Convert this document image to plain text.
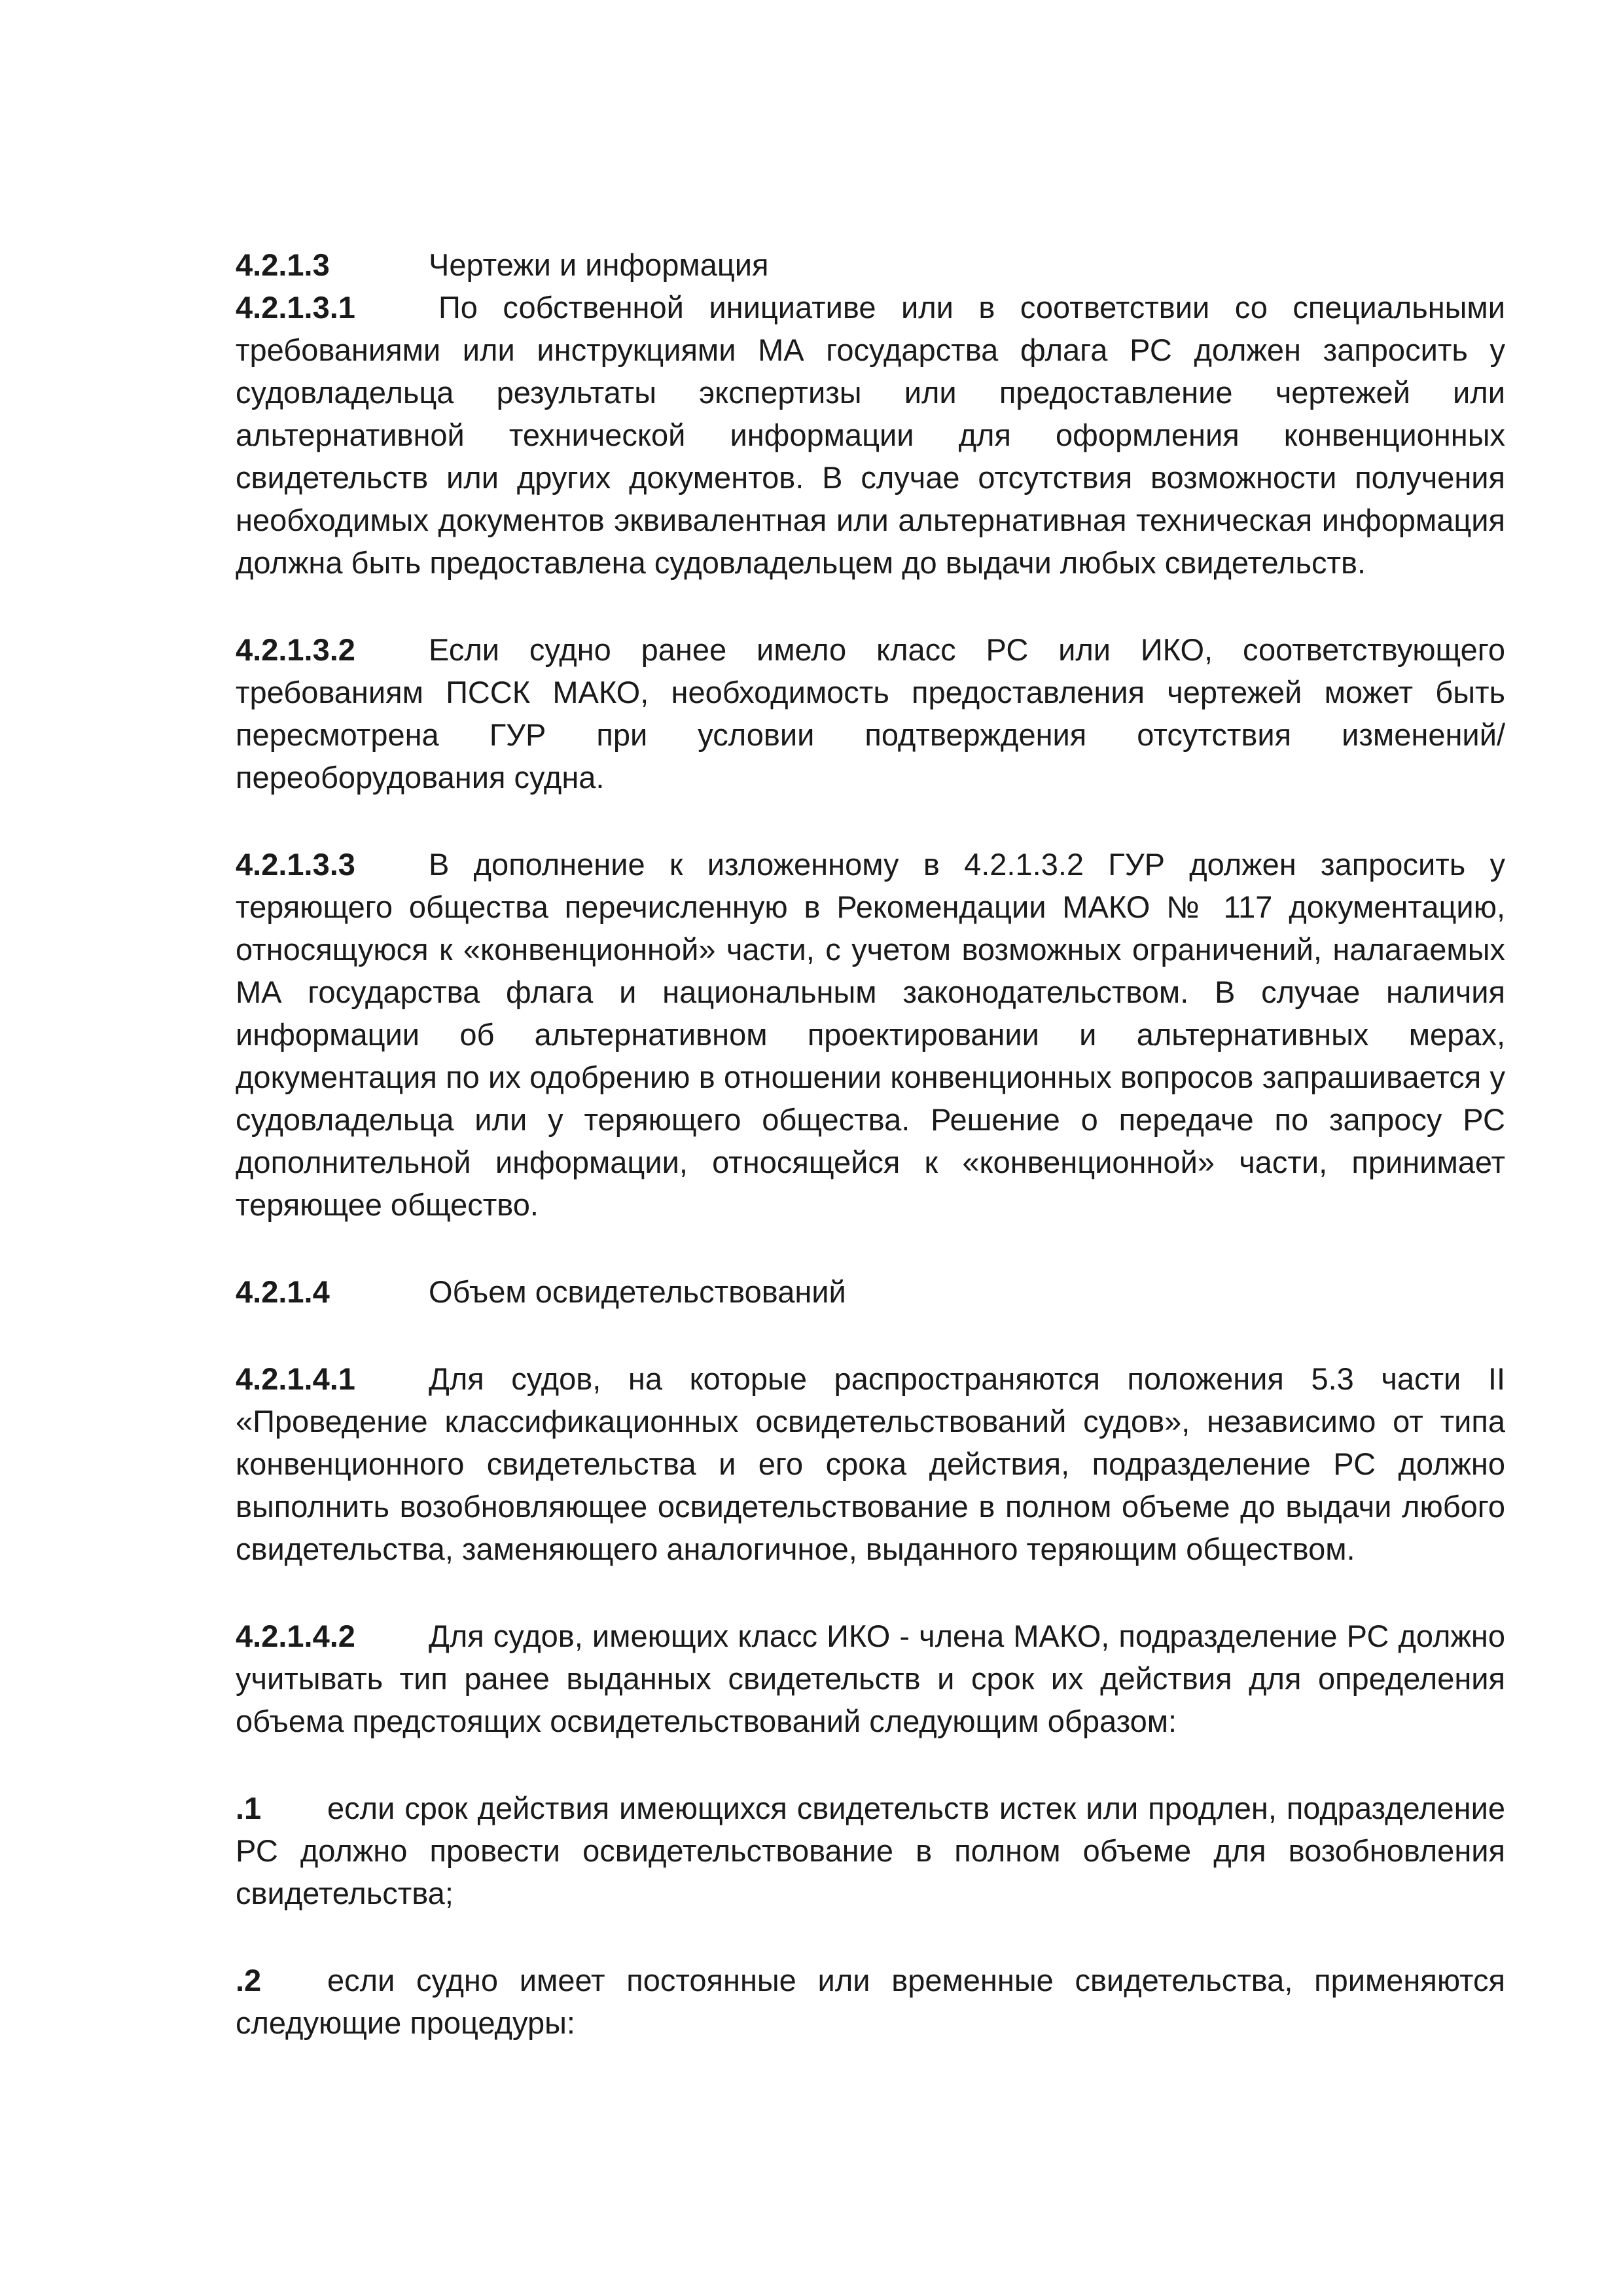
4.2.1.3	Чертежи и информация

4.2.1.3.1	По собственной инициативе или в соответствии со специальными требованиями или инструкциями МА государства флага РС должен запросить у судовладельца результаты экспертизы или предоставление чертежей или альтернативной технической информации для оформления конвенционных свидетельств или других документов. В случае отсутствия возможности получения необходимых документов эквивалентная или альтернативная техническая информация должна быть предоставлена судовладельцем до выдачи любых свидетельств.

4.2.1.3.2 Если судно ранее имело класс РС или ИКО, соответствующего требованиям ПССК МАКО, необходимость предоставления чертежей может быть пересмотрена ГУР при условии подтверждения отсутствия изменений/переоборудования судна.

4.2.1.3.3 В дополнение к изложенному в 4.2.1.3.2 ГУР должен запросить у теряющего общества перечисленную в Рекомендации МАКО № 117 документацию, относящуюся к «конвенционной» части, с учетом возможных ограничений, налагаемых МА государства флага и национальным законодательством. В случае наличия информации об альтернативном проектировании и альтернативных мерах, документация по их одобрению в отношении конвенционных вопросов запрашивается у судовладельца или у теряющего общества. Решение о передаче по запросу РС дополнительной информации, относящейся к «конвенционной» части, принимает теряющее общество.

4.2.1.4	Объем освидетельствований

4.2.1.4.1 Для судов, на которые распространяются положения 5.3 части II «Проведение классификационных освидетельствований судов», независимо от типа конвенционного свидетельства и его срока действия, подразделение РС должно выполнить возобновляющее освидетельствование в полном объеме до выдачи любого свидетельства, заменяющего аналогичное, выданного теряющим обществом.

4.2.1.4.2 Для судов, имеющих класс ИКО - члена МАКО, подразделение РС должно учитывать тип ранее выданных свидетельств и срок их действия для определения объема предстоящих освидетельствований следующим образом:

.1 если срок действия имеющихся свидетельств истек или продлен, подразделение РС должно провести освидетельствование в полном объеме для возобновления свидетельства;

.2 если судно имеет постоянные или временные свидетельства, применяются следующие процедуры:
